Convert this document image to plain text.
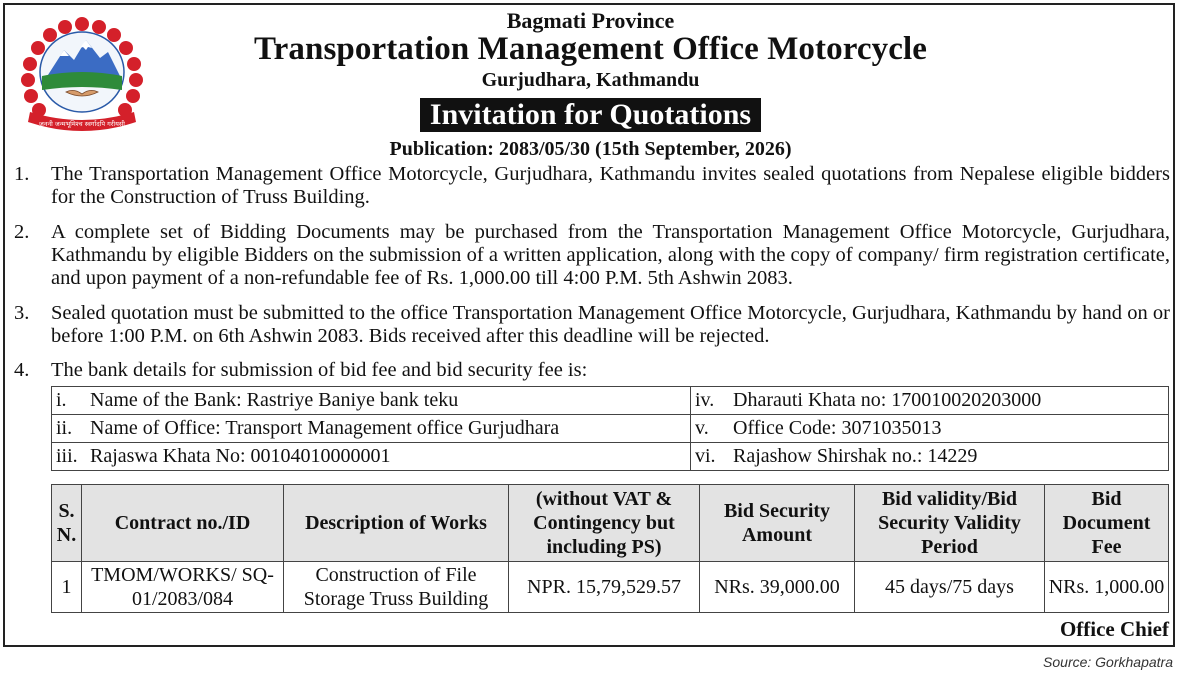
जननी जन्मभूमिश्च स्वर्गादपि गरीयसी
Bagmati Province
Transportation Management Office Motorcycle
Gurjudhara, Kathmandu
Invitation for Quotations
Publication: 2083/05/30 (15th September, 2026)
1. The Transportation Management Office Motorcycle, Gurjudhara, Kathmandu invites sealed quotations from Nepalese eligible bidders for the Construction of Truss Building.
2. A complete set of Bidding Documents may be purchased from the Transportation Management Office Motorcycle, Gurjudhara, Kathmandu by eligible Bidders on the submission of a written application, along with the copy of company/ firm registration certificate, and upon payment of a non-refundable fee of Rs. 1,000.00 till 4:00 P.M. 5th Ashwin 2083.
3. Sealed quotation must be submitted to the office Transportation Management Office Motorcycle, Gurjudhara, Kathmandu by hand on or before 1:00 P.M. on 6th Ashwin 2083. Bids received after this deadline will be rejected.
4. The bank details for submission of bid fee and bid security fee is:
i. Name of the Bank: Rastriye Baniye bank teku	iv. Dharauti Khata no: 170010020203000
ii. Name of Office: Transport Management office Gurjudhara	v. Office Code: 3071035013
iii. Rajaswa Khata No: 00104010000001	vi. Rajashow Shirshak no.: 14229
S. N.	Contract no./ID	Description of Works	(without VAT & Contingency but including PS)	Bid Security Amount	Bid validity/Bid Security Validity Period	Bid Document Fee
1	TMOM/WORKS/ SQ-01/2083/084	Construction of File Storage Truss Building	NPR. 15,79,529.57	NRs. 39,000.00	45 days/75 days	NRs. 1,000.00
Office Chief
Source: Gorkhapatra
